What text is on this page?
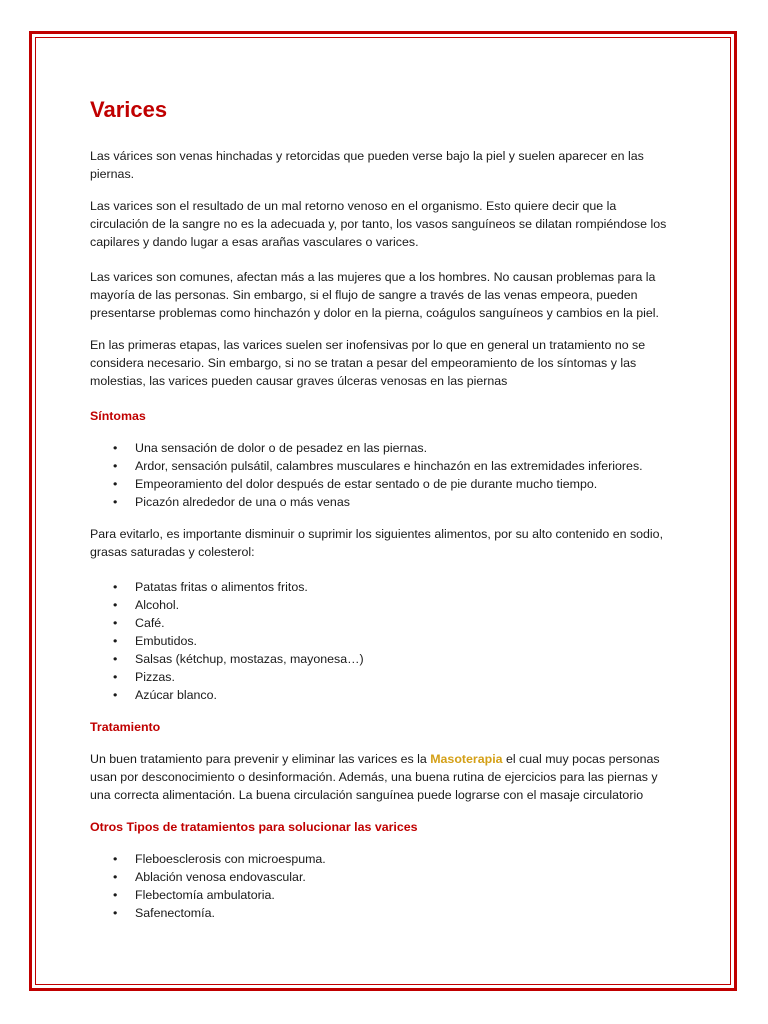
Varices

Las várices son venas hinchadas y retorcidas que pueden verse bajo la piel y suelen aparecer en las piernas.

Las varices son el resultado de un mal retorno venoso en el organismo. Esto quiere decir que la circulación de la sangre no es la adecuada y, por tanto, los vasos sanguíneos se dilatan rompiéndose los capilares y dando lugar a esas arañas vasculares o varices.

Las varices son comunes, afectan más a las mujeres que a los hombres. No causan problemas para la mayoría de las personas. Sin embargo, si el flujo de sangre a través de las venas empeora, pueden presentarse problemas como hinchazón y dolor en la pierna, coágulos sanguíneos y cambios en la piel.

En las primeras etapas, las varices suelen ser inofensivas por lo que en general un tratamiento no se considera necesario. Sin embargo, si no se tratan a pesar del empeoramiento de los síntomas y las molestias, las varices pueden causar graves úlceras venosas en las piernas

Síntomas
• Una sensación de dolor o de pesadez en las piernas.
• Ardor, sensación pulsátil, calambres musculares e hinchazón en las extremidades inferiores.
• Empeoramiento del dolor después de estar sentado o de pie durante mucho tiempo.
• Picazón alrededor de una o más venas

Para evitarlo, es importante disminuir o suprimir los siguientes alimentos, por su alto contenido en sodio, grasas saturadas y colesterol:

• Patatas fritas o alimentos fritos.
• Alcohol.
• Café.
• Embutidos.
• Salsas (kétchup, mostazas, mayonesa…)
• Pizzas.
• Azúcar blanco.
Tratamiento

Un buen tratamiento para prevenir y eliminar las varices es la Masoterapia el cual muy pocas personas usan por desconocimiento o desinformación. Además, una buena rutina de ejercicios para las piernas y una correcta alimentación. La buena circulación sanguínea puede lograrse con el masaje circulatorio

Otros Tipos de tratamientos para solucionar las varices
• Fleboesclerosis con microespuma.
• Ablación venosa endovascular.
• Flebectomía ambulatoria.
• Safenectomía.
